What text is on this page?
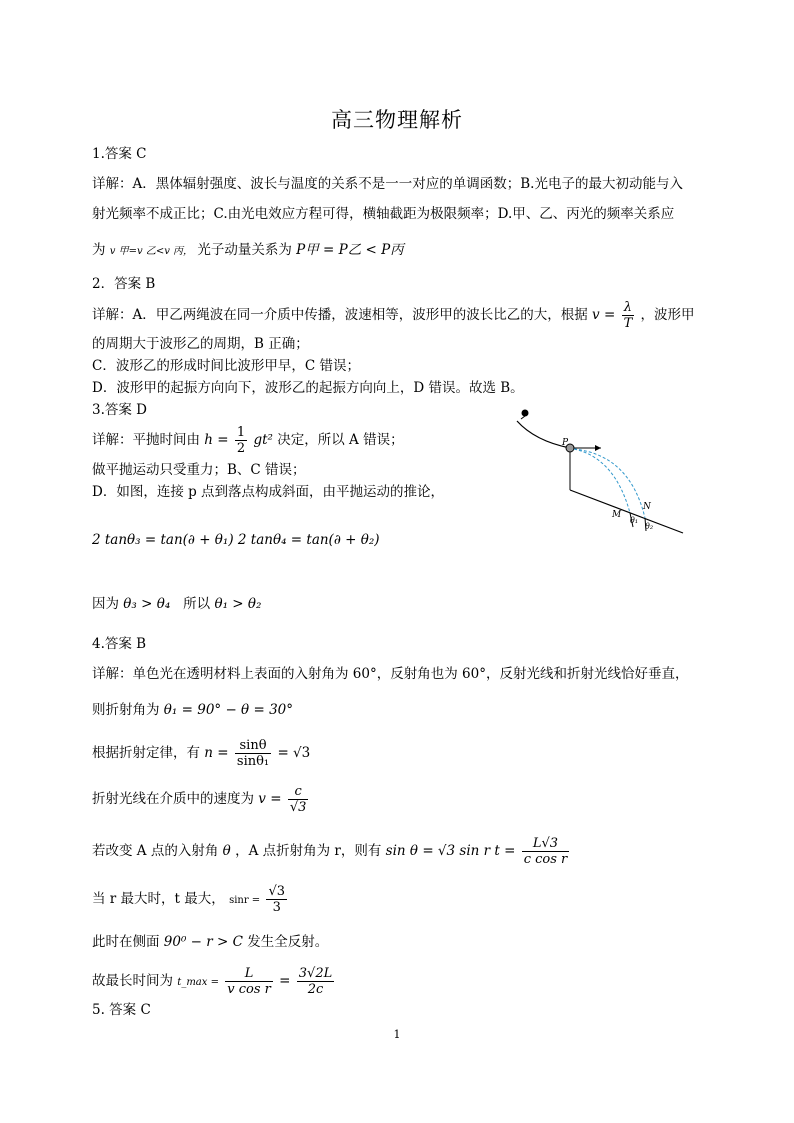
高三物理解析
1.答案 C
详解：A．黑体辐射强度、波长与温度的关系不是一一对应的单调函数；B.光电子的最大初动能与入
射光频率不成正比；C.由光电效应方程可得，横轴截距为极限频率；D.甲、乙、丙光的频率关系应
为 v 甲=v 乙<v 丙， 光子动量关系为 P甲 = P乙 < P丙
2．答案 B
详解：A．甲乙两绳波在同一介质中传播，波速相等，波形甲的波长比乙的大，根据 $v = \frac{\lambda}{T}$ ，波形甲
的周期大于波形乙的周期，B 正确；
C．波形乙的形成时间比波形甲早，C 错误；
D．波形甲的起振方向向下，波形乙的起振方向向上，D 错误。故选 B。
3.答案 D
详解：平抛时间由 $h = \frac{1}{2} gt^2$ 决定，所以 A 错误；
做平抛运动只受重力；B、C 错误；
D．如图，连接 p 点到落点构成斜面，由平抛运动的推论，
2 tanθ₃ = tan(∂ + θ₁) 2 tanθ₄ = tan(∂ + θ₂)
因为 θ₃ > θ₄ 所以 θ₁ > θ₂
P
M
N
θ₁
θ₂
4.答案 B
详解：单色光在透明材料上表面的入射角为 60°，反射角也为 60°，反射光线和折射光线恰好垂直，
则折射角为 θ₁ = 90° − θ = 30°
根据折射定律，有 $n = \frac{\sin\theta}{\text{sinθ₁}} = √3$
折射光线在介质中的速度为 $v = \frac{c}{√3}$
若改变 A 点的入射角 θ ，A 点折射角为 r，则有 sin θ = √3 sin r $t = \frac{L√3}{\text{c cos r}}$
当 r 最大时，t 最大， $\sin r = \frac{√3}{3}$
此时在侧面 90⁰ − r > C 发生全反射。
故最长时间为 t_max = $\frac{L}{\text{v cos r}} = \frac{3√2L}{2c}$
5. 答案 C
1
